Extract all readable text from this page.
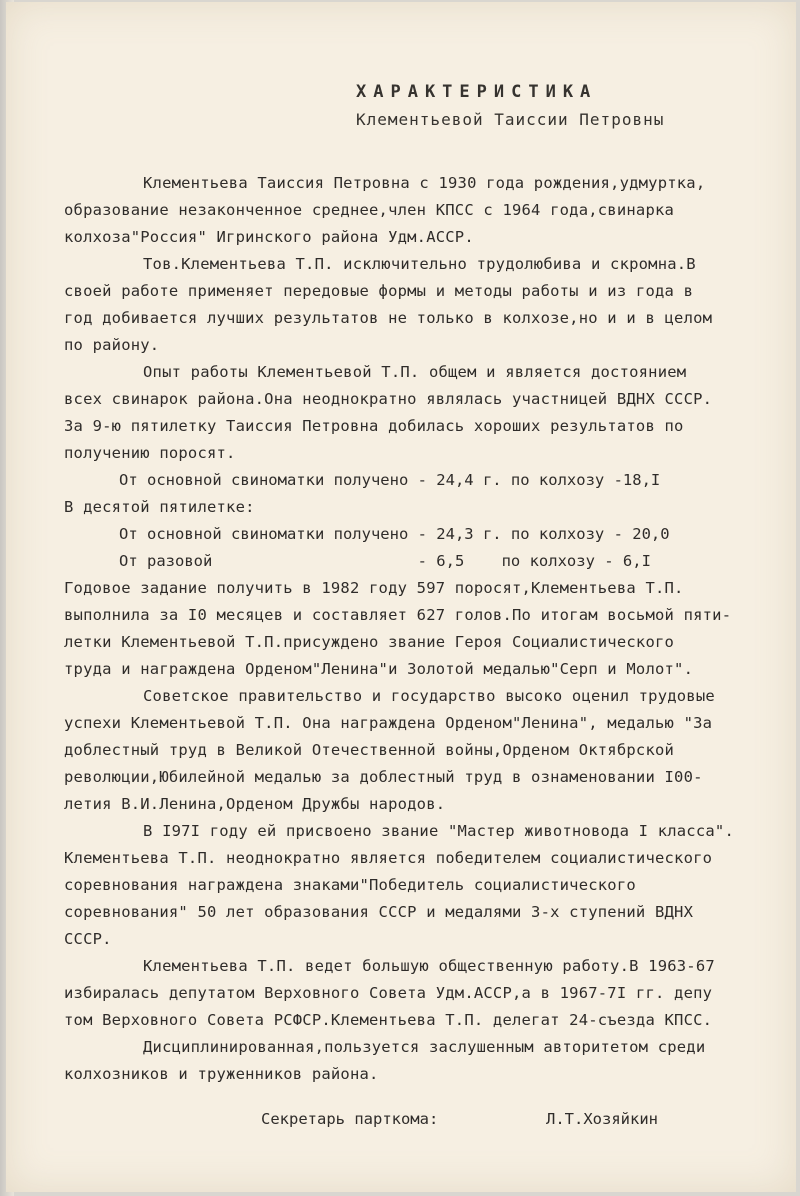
ХАРАКТЕРИСТИКА
Клементьевой Таиссии Петровны
Клементьева Таиссия Петровна с 1930 года рождения,удмуртка,
образование незаконченное среднее,член КПСС с 1964 года,свинарка
колхоза"Россия" Игринского района Удм.АССР.
Тов.Клементьева Т.П. исключительно трудолюбива и скромна.В
своей работе применяет передовые формы и методы работы и из года в
год добивается лучших результатов не только в колхозе,но и и в целом
по району.
Опыт работы Клементьевой Т.П. общем и является достоянием
всех свинарок района.Она неоднократно являлась участницей ВДНХ СССР.
За 9-ю пятилетку Таиссия Петровна добилась хороших результатов по
получению поросят.
От основной свиноматки получено - 24,4 г. по колхозу -18,I
В десятой пятилетке:
От основной свиноматки получено - 24,3 г. по колхозу - 20,0
От разовой                      - 6,5    по колхозу - 6,I
Годовое задание получить в 1982 году 597 поросят,Клементьева Т.П.
выполнила за I0 месяцев и составляет 627 голов.По итогам восьмой пяти-
летки Клементьевой Т.П.присуждено звание Героя Социалистического
труда и награждена Орденом"Ленина"и Золотой медалью"Серп и Молот".
Советское правительство и государство высоко оценил трудовые
успехи Клементьевой Т.П. Она награждена Орденом"Ленина", медалью "За
доблестный труд в Великой Отечественной войны,Орденом Октябрской
революции,Юбилейной медалью за доблестный труд в ознаменовании I00-
летия В.И.Ленина,Орденом Дружбы народов.
В I97I году ей присвоено звание "Мастер животновода I класса".
Клементьева Т.П. неоднократно является победителем социалистического
соревнования награждена знаками"Победитель социалистического
соревнования" 50 лет образования СССР и медалями 3-х ступений ВДНХ
СССР.
Клементьева Т.П. ведет большую общественную работу.В 1963-67
избиралась депутатом Верховного Совета Удм.АССР,а в 1967-7I гг. депу
том Верховного Совета РСФСР.Клементьева Т.П. делегат 24-съезда КПСС.
Дисциплинированная,пользуется заслушенным авторитетом среди
колхозников и труженников района.
Секретарь парткома:	Л.Т.Хозяйкин
